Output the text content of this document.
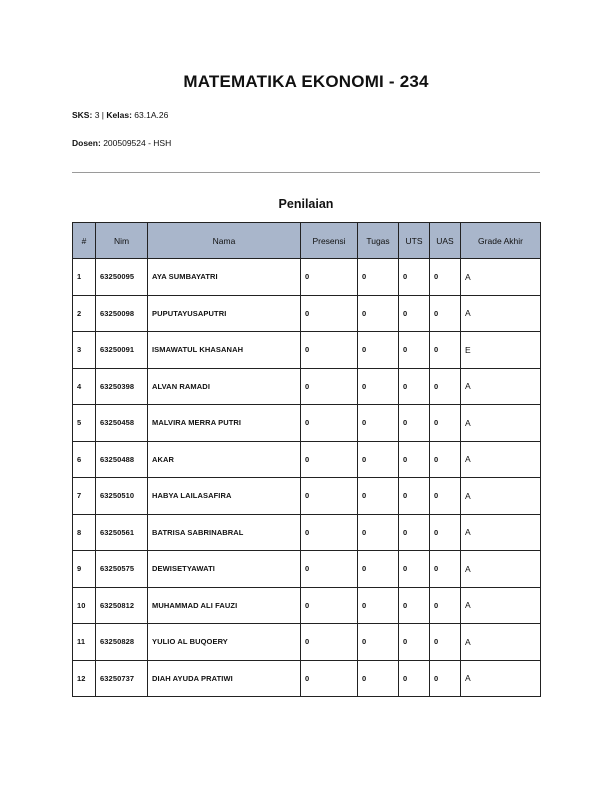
MATEMATIKA EKONOMI - 234
SKS: 3 | Kelas: 63.1A.26
Dosen: 200509524 - HSH
Penilaian
#	Nim	Nama	Presensi	Tugas	UTS	UAS	Grade Akhir
1	63250095	AYA SUMBAYATRI	0	0	0	0	A
2	63250098	PUPUTAYUSAPUTRI	0	0	0	0	A
3	63250091	ISMAWATUL KHASANAH	0	0	0	0	E
4	63250398	ALVAN RAMADI	0	0	0	0	A
5	63250458	MALVIRA MERRA PUTRI	0	0	0	0	A
6	63250488	AKAR	0	0	0	0	A
7	63250510	HABYA LAILASAFIRA	0	0	0	0	A
8	63250561	BATRISA SABRINABRAL	0	0	0	0	A
9	63250575	DEWISETYAWATI	0	0	0	0	A
10	63250812	MUHAMMAD ALI FAUZI	0	0	0	0	A
11	63250828	YULIO AL BUQOERY	0	0	0	0	A
12	63250737	DIAH AYUDA PRATIWI	0	0	0	0	A
